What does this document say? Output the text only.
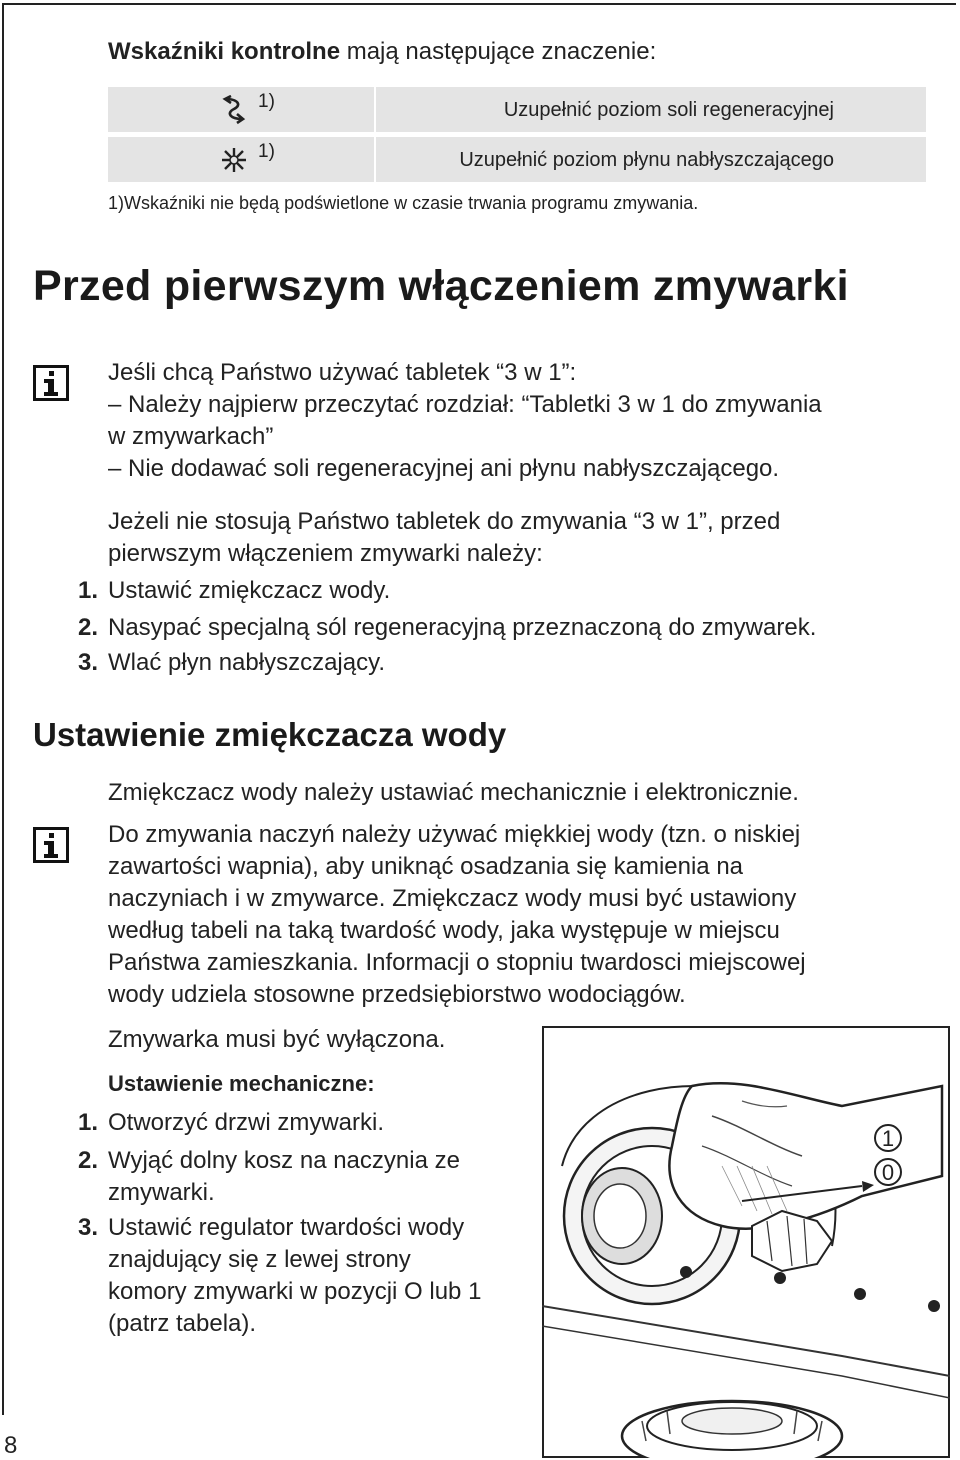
Wskaźniki kontrolne mają następujące znaczenie:
1)	Uzupełnić poziom soli regeneracyjnej
1)	Uzupełnić poziom płynu nabłyszczającego
1)Wskaźniki nie będą podświetlone w czasie trwania programu zmywania.
Przed pierwszym włączeniem zmywarki
Jeśli chcą Państwo używać tabletek “3 w 1”:
– Należy najpierw przeczytać rozdział: “Tabletki 3 w 1 do zmywania
w zmywarkach”
– Nie dodawać soli regeneracyjnej ani płynu nabłyszczającego.
Jeżeli nie stosują Państwo tabletek do zmywania “3 w 1”, przed
pierwszym włączeniem zmywarki należy:
1. Ustawić zmiękczacz wody.
2. Nasypać specjalną sól regeneracyjną przeznaczoną do zmywarek.
3. Wlać płyn nabłyszczający.
Ustawienie zmiękczacza wody
Zmiękczacz wody należy ustawiać mechanicznie i elektronicznie.
Do zmywania naczyń należy używać miękkiej wody (tzn. o niskiej
zawartości wapnia), aby uniknąć osadzania się kamienia na
naczyniach i w zmywarce. Zmiękczacz wody musi być ustawiony
według tabeli na taką twardość wody, jaka występuje w miejscu
Państwa zamieszkania. Informacji o stopniu twardosci miejscowej
wody udziela stosowne przedsiębiorstwo wodociągów.
Zmywarka musi być wyłączona.
Ustawienie mechaniczne:
1. Otworzyć drzwi zmywarki.
2. Wyjąć dolny kosz na naczynia ze
zmywarki.
3. Ustawić regulator twardości wody
znajdujący się z lewej strony
komory zmywarki w pozycji O lub 1
(patrz tabela).
1
0
8
